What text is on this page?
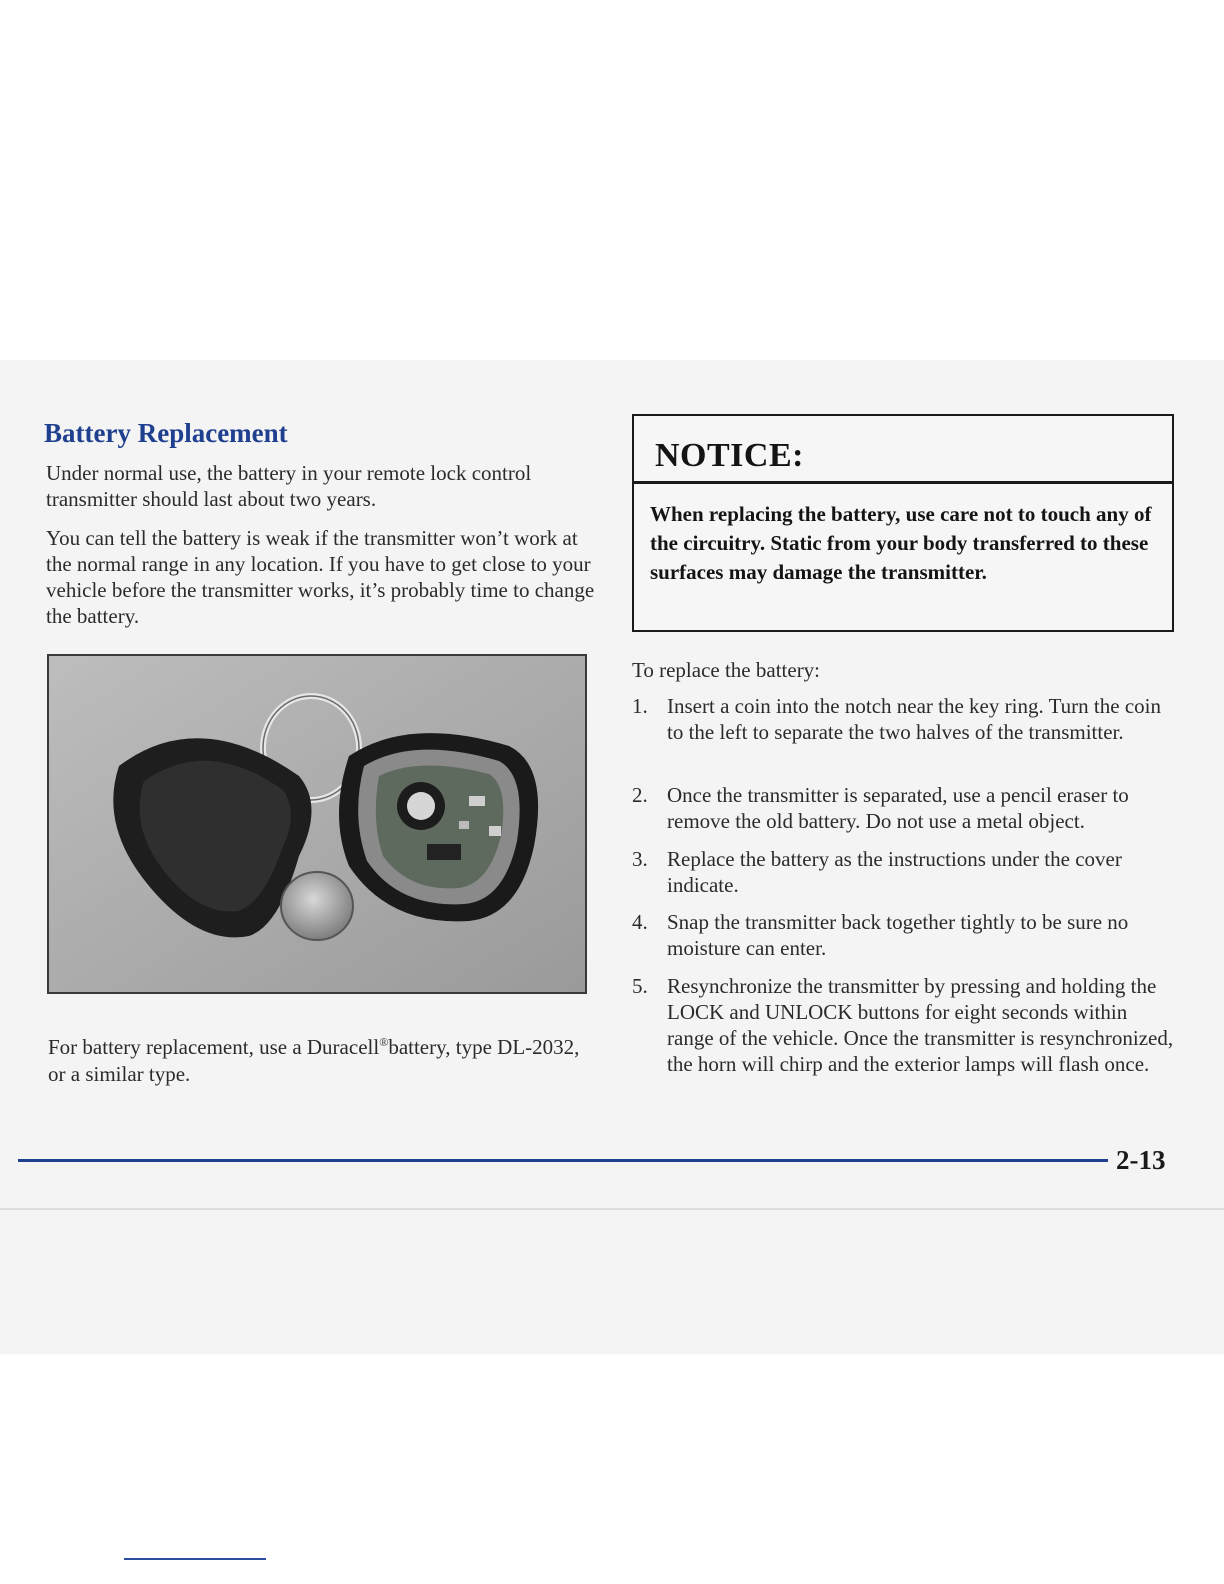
Battery Replacement

Under normal use, the battery in your remote lock control transmitter should last about two years.

You can tell the battery is weak if the transmitter won’t work at the normal range in any location. If you have to get close to your vehicle before the transmitter works, it’s probably time to change the battery.

For battery replacement, use a Duracell®battery, type DL-2032, or a similar type.

NOTICE:
When replacing the battery, use care not to touch any of the circuitry. Static from your body transferred to these surfaces may damage the transmitter.

To replace the battery:

1. Insert a coin into the notch near the key ring. Turn the coin to the left to separate the two halves of the transmitter.
2. Once the transmitter is separated, use a pencil eraser to remove the old battery. Do not use a metal object.
3. Replace the battery as the instructions under the cover indicate.
4. Snap the transmitter back together tightly to be sure no moisture can enter.
5. Resynchronize the transmitter by pressing and holding the LOCK and UNLOCK buttons for eight seconds within range of the vehicle. Once the transmitter is resynchronized, the horn will chirp and the exterior lamps will flash once.
2-13
